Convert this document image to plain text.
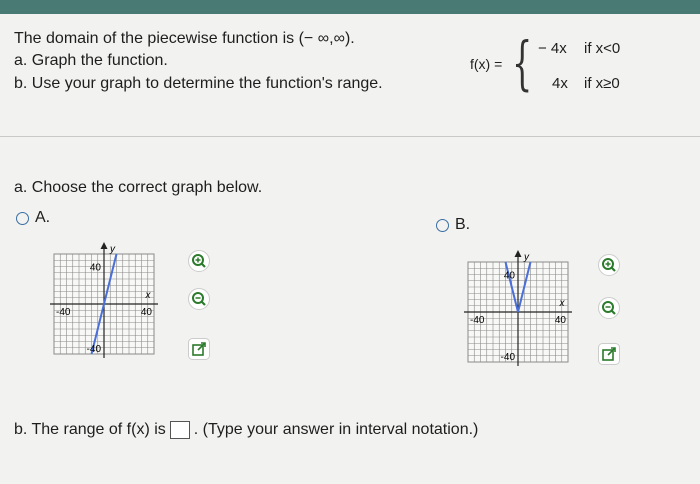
The domain of the piecewise function is (− ∞,∞).
a. Graph the function.
b. Use your graph to determine the function's range.
f(x) = { − 4x if x<0
4x if x≥0
a. Choose the correct graph below.
A.	B.
y
x
40
-40
-40	40
y
x
40
-40
-40	40
b. The range of f(x) is . (Type your answer in interval notation.)
